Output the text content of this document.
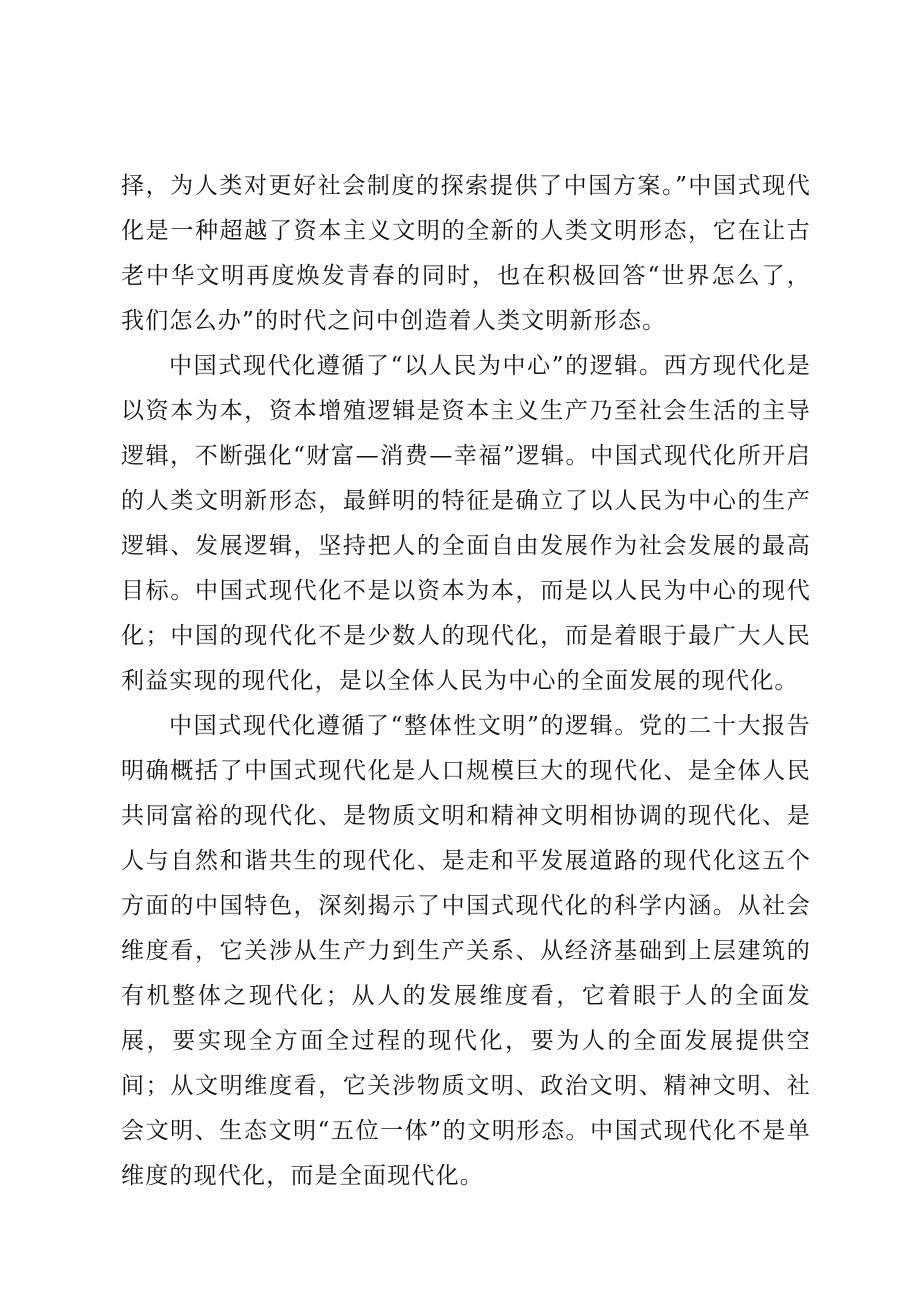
择，为人类对更好社会制度的探索提供了中国方案。”中国式现代化是一种超越了资本主义文明的全新的人类文明形态，它在让古老中华文明再度焕发青春的同时，也在积极回答“世界怎么了，我们怎么办”的时代之问中创造着人类文明新形态。

中国式现代化遵循了“以人民为中心”的逻辑。西方现代化是以资本为本，资本增殖逻辑是资本主义生产乃至社会生活的主导逻辑，不断强化“财富—消费—幸福”逻辑。中国式现代化所开启的人类文明新形态，最鲜明的特征是确立了以人民为中心的生产逻辑、发展逻辑，坚持把人的全面自由发展作为社会发展的最高目标。中国式现代化不是以资本为本，而是以人民为中心的现代化；中国的现代化不是少数人的现代化，而是着眼于最广大人民利益实现的现代化，是以全体人民为中心的全面发展的现代化。

中国式现代化遵循了“整体性文明”的逻辑。党的二十大报告明确概括了中国式现代化是人口规模巨大的现代化、是全体人民共同富裕的现代化、是物质文明和精神文明相协调的现代化、是人与自然和谐共生的现代化、是走和平发展道路的现代化这五个方面的中国特色，深刻揭示了中国式现代化的科学内涵。从社会维度看，它关涉从生产力到生产关系、从经济基础到上层建筑的有机整体之现代化；从人的发展维度看，它着眼于人的全面发展，要实现全方面全过程的现代化，要为人的全面发展提供空间；从文明维度看，它关涉物质文明、政治文明、精神文明、社会文明、生态文明“五位一体”的文明形态。中国式现代化不是单维度的现代化，而是全面现代化。
